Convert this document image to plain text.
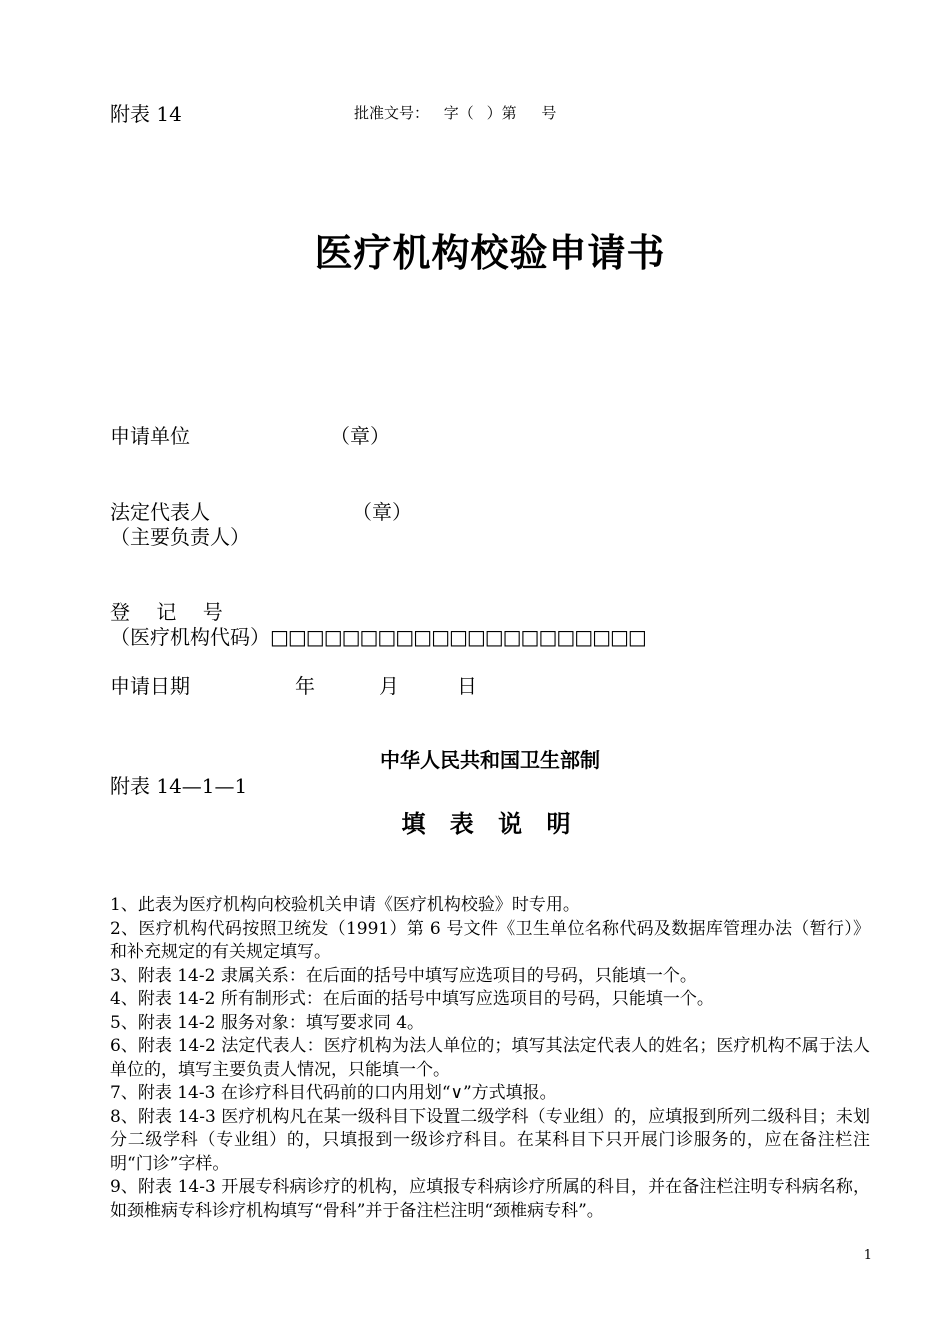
附表 14	批准文号： 字（ ）第 号
医疗机构校验申请书
申请单位	（章）
法定代表人	（章）
（主要负责人）
登　 记　 号
（医疗机构代码）□□□□□□□□□□□□□□□□□□□□□
申请日期	年	月	日
中华人民共和国卫生部制
附表 14—1—1
填 表 说 明

1、此表为医疗机构向校验机关申请《医疗机构校验》时专用。

2、医疗机构代码按照卫统发（1991）第 6 号文件《卫生单位名称代码及数据库管理办法（暂行）》和补充规定的有关规定填写。

3、附表 14-2 隶属关系：在后面的括号中填写应选项目的号码，只能填一个。

4、附表 14-2 所有制形式：在后面的括号中填写应选项目的号码，只能填一个。

5、附表 14-2 服务对象：填写要求同 4。

6、附表 14-2 法定代表人：医疗机构为法人单位的；填写其法定代表人的姓名；医疗机构不属于法人单位的，填写主要负责人情况，只能填一个。

7、附表 14-3 在诊疗科目代码前的口内用划“∨”方式填报。

8、附表 14-3 医疗机构凡在某一级科目下设置二级学科（专业组）的，应填报到所列二级科目；未划分二级学科（专业组）的，只填报到一级诊疗科目。在某科目下只开展门诊服务的，应在备注栏注明“门诊”字样。

9、附表 14-3 开展专科病诊疗的机构，应填报专科病诊疗所属的科目，并在备注栏注明专科病名称，如颈椎病专科诊疗机构填写“骨科”并于备注栏注明“颈椎病专科”。

1
